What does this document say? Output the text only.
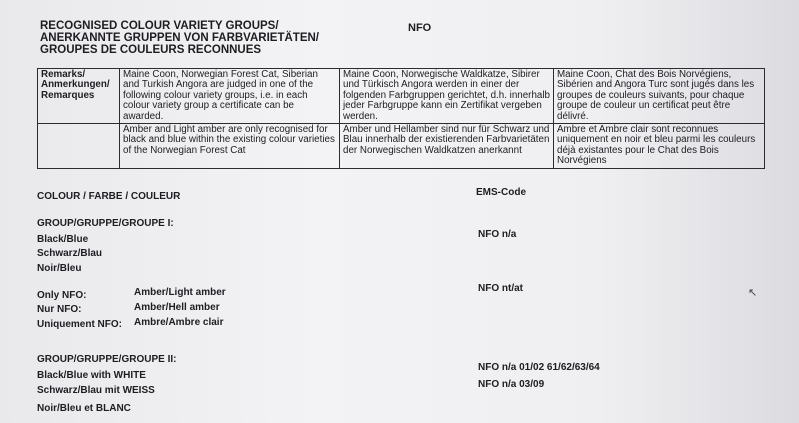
RECOGNISED COLOUR VARIETY GROUPS/
ANERKANNTE GRUPPEN VON FARBVARIETÄTEN/
GROUPES DE COULEURS RECONNUES
NFO
Remarks/
Anmerkungen/
Remarques	Maine Coon, Norwegian Forest Cat, Siberian and Turkish Angora are judged in one of the following colour variety groups, i.e. in each colour variety group a certificate can be awarded.	Maine Coon, Norwegische Waldkatze, Sibirer und Türkisch Angora werden in einer der folgenden Farbgruppen gerichtet, d.h. innerhalb jeder Farbgruppe kann ein Zertifikat vergeben werden.	Maine Coon, Chat des Bois Norvégiens, Sibérien and Angora Turc sont jugés dans les groupes de couleurs suivants, pour chaque groupe de couleur un certificat peut être délivré.
	Amber and Light amber are only recognised for black and blue within the existing colour varieties of the Norwegian Forest Cat	Amber und Hellamber sind nur für Schwarz und Blau innerhalb der existierenden Farbvarietäten der Norwegischen Waldkatzen anerkannt	Ambre et Ambre clair sont reconnues uniquement en noir et bleu parmi les couleurs déjà existantes pour le Chat des Bois Norvégiens
COLOUR / FARBE / COULEUR	EMS-Code
GROUP/GRUPPE/GROUPE I:
Black/Blue
Schwarz/Blau
Noir/Bleu
NFO n/a
Only NFO:	Amber/Light amber
Nur NFO:	Amber/Hell amber
Uniquement NFO: Ambre/Ambre clair
NFO nt/at
GROUP/GRUPPE/GROUPE II:
Black/Blue with WHITE
Schwarz/Blau mit WEISS
Noir/Bleu et BLANC
NFO n/a 01/02 61/62/63/64
NFO n/a 03/09
↖
